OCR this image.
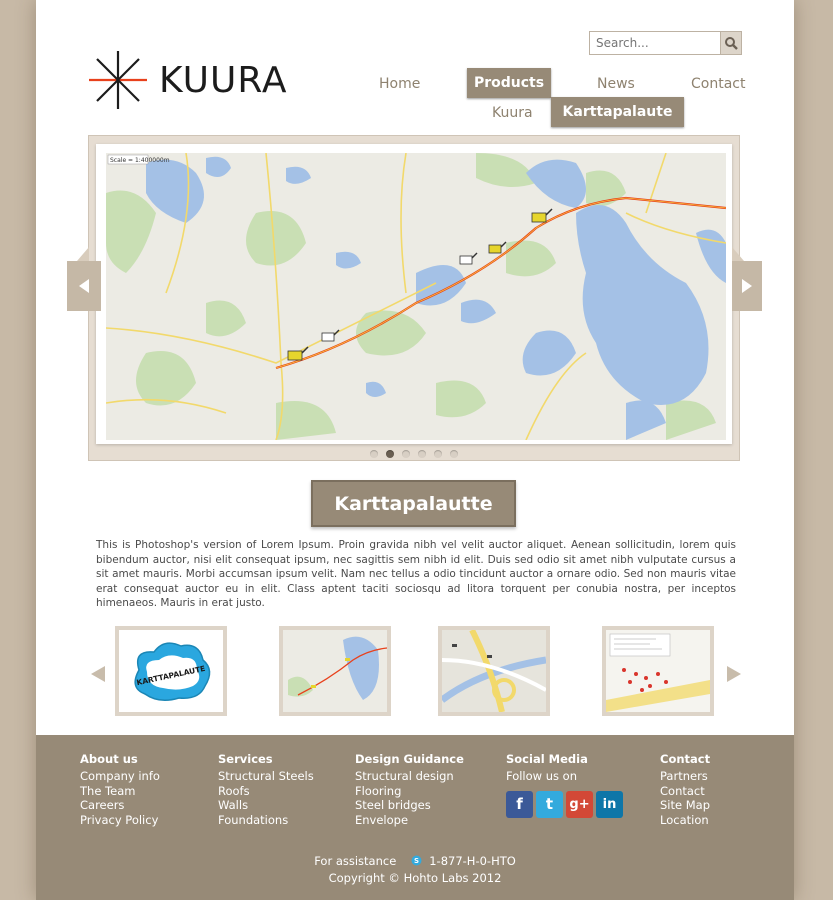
KUURA
Search...	Home	Products	News	Contact
Kuura	Karttapalaute
Scale = 1:400000m
Karttapalautte

This is Photoshop's version of Lorem Ipsum. Proin gravida nibh vel velit auctor aliquet. Aenean sollicitudin, lorem quis bibendum auctor, nisi elit consequat ipsum, nec sagittis sem nibh id elit. Duis sed odio sit amet nibh vulputate cursus a sit amet mauris. Morbi accumsan ipsum velit. Nam nec tellus a odio tincidunt auctor a ornare odio. Sed non mauris vitae erat consequat auctor eu in elit. Class aptent taciti sociosqu ad litora torquent per conubia nostra, per inceptos himenaeos. Mauris in erat justo.

KARTTAPALAUTE
About us
Company info
The Team
Careers
Privacy Policy
Services
Structural Steels
Roofs
Walls
Foundations
Design Guidance
Structural design
Flooring
Steel bridges
Envelope
Social Media
Follow us on
f	t	g+	in
Contact
Partners
Contact
Site Map
Location
For assistance	S 1-877-H-0-HTO
Copyright © Hohto Labs 2012
